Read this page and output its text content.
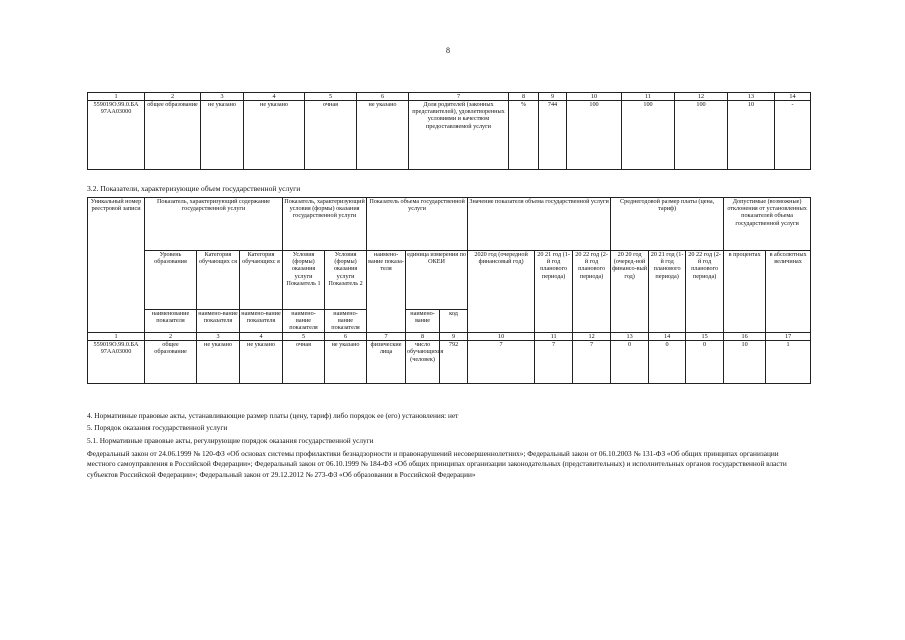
8
1	2	3	4	5	6	7	8	9	10	11	12	13	14
559019О.99.0.БА 97АА03000	общее образование	не указано	не указано	очная	не указано	Доля родителей (законных представителей), удовлетворенных условиями и качеством предоставляемой услуги	%	744	100	100	100	10	-
3.2. Показатели, характеризующие объем государственной услуги
Уникальный номер реестровой записи	Показатель, характеризующий содержание государственной услуги			Показатель, характеризующий условия (формы) оказания государственной услуги		Показатель объема государственной услуги			Значение показателя объема государственной услуги			Среднегодовой размер платы (цена, тариф)			Допустимые (возможные) отклонения от установленных показателей объема государственной услуги	
	Уровень образования	Категория обучающих ся	Категория обучающихс я	Условия (формы) оказания услуги Показатель 1	Условия (формы) оказания услуги Показатель 2	наимено-вание показа-теля	единица измерения по ОКЕИ		2020 год (очередной финансовый год)	20 21 год (1-й год планового периода)	20 22 год (2-й год планового периода)	20 20 год (очеред-ной финансо-вый год)	20 21 год (1-й год планового периода)	20 22 год (2-й год планового периода)	в процентах	в абсолютных величинах
	наименование показателя	наимено-вание показателя	наимено-вание показателя	наимено-вание показателя	наимено-вание показателя		наимено-вание	код								
1	2	3	4	5	6	7	8	9	10	11	12	13	14	15	16	17
559019О.99.0.БА 97АА03000	общее образование	не указано	не указано	очная	не указано	физические лица	число обучающихся (человек)	792	7	7	7	0	0	0	10	1
4. Нормативные правовые акты, устанавливающие размер платы (цену, тариф) либо порядок ее (его) установления: нет
5. Порядок оказания государственной услуги
5.1. Нормативные правовые акты, регулирующие порядок оказания государственной услуги
Федеральный закон от 24.06.1999 № 120-ФЗ «Об основах системы профилактики безнадзорности и правонарушений несовершеннолетних»; Федеральный закон от 06.10.2003 № 131-ФЗ «Об общих принципах организации местного самоуправления в Российской Федерации»; Федеральный закон от 06.10.1999 № 184-ФЗ «Об общих принципах организации законодательных (представительных) и исполнительных органов государственной власти субъектов Российской Федерации»; Федеральный закон от 29.12.2012 № 273-ФЗ «Об образовании в Российской Федерации»
